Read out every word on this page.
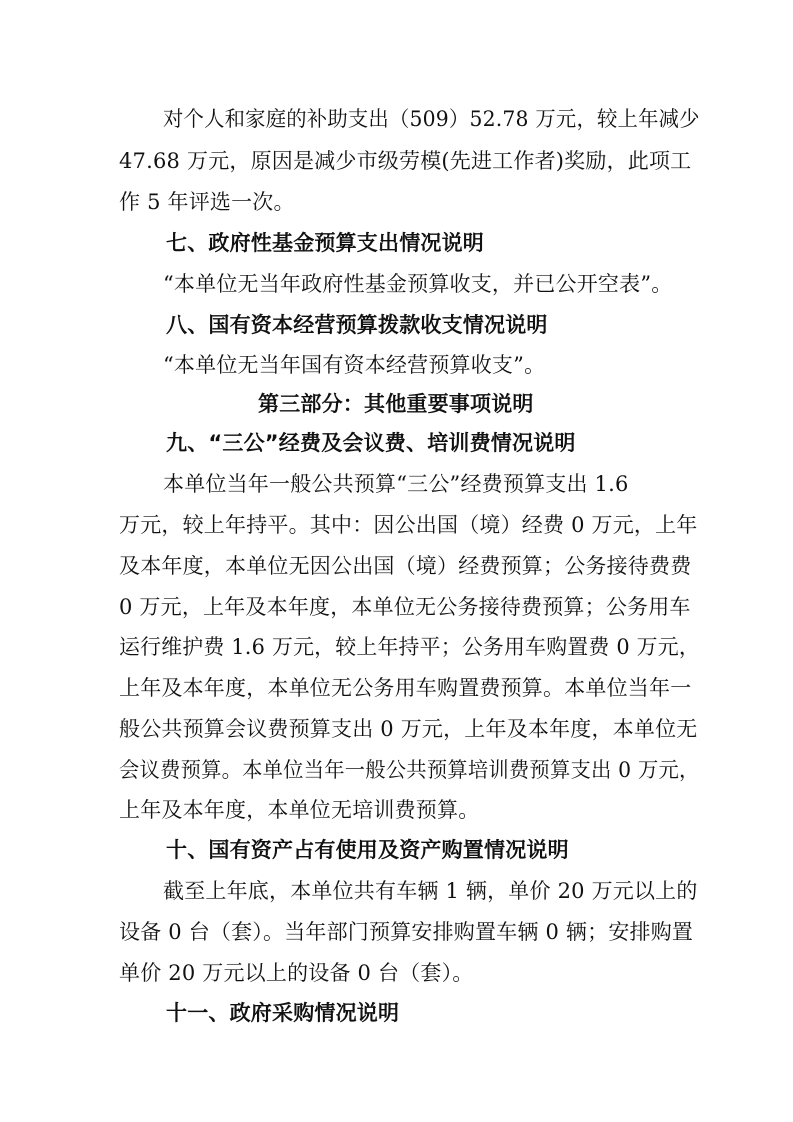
对个人和家庭的补助支出（509）52.78 万元，较上年减少
47.68 万元，原因是减少市级劳模(先进工作者)奖励，此项工
作 5 年评选一次。
七、政府性基金预算支出情况说明
“本单位无当年政府性基金预算收支，并已公开空表”。
八、国有资本经营预算拨款收支情况说明
“本单位无当年国有资本经营预算收支”。
第三部分：其他重要事项说明
九、“三公”经费及会议费、培训费情况说明
本单位当年一般公共预算“三公”经费预算支出 1.6
万元，较上年持平。其中：因公出国（境）经费 0 万元，上年
及本年度，本单位无因公出国（境）经费预算；公务接待费费
0 万元，上年及本年度，本单位无公务接待费预算；公务用车
运行维护费 1.6 万元，较上年持平；公务用车购置费 0 万元，
上年及本年度，本单位无公务用车购置费预算。本单位当年一
般公共预算会议费预算支出 0 万元，上年及本年度，本单位无
会议费预算。本单位当年一般公共预算培训费预算支出 0 万元，
上年及本年度，本单位无培训费预算。
十、国有资产占有使用及资产购置情况说明
截至上年底，本单位共有车辆 1 辆，单价 20 万元以上的
设备 0 台（套）。当年部门预算安排购置车辆 0 辆；安排购置
单价 20 万元以上的设备 0 台（套）。
十一、政府采购情况说明
